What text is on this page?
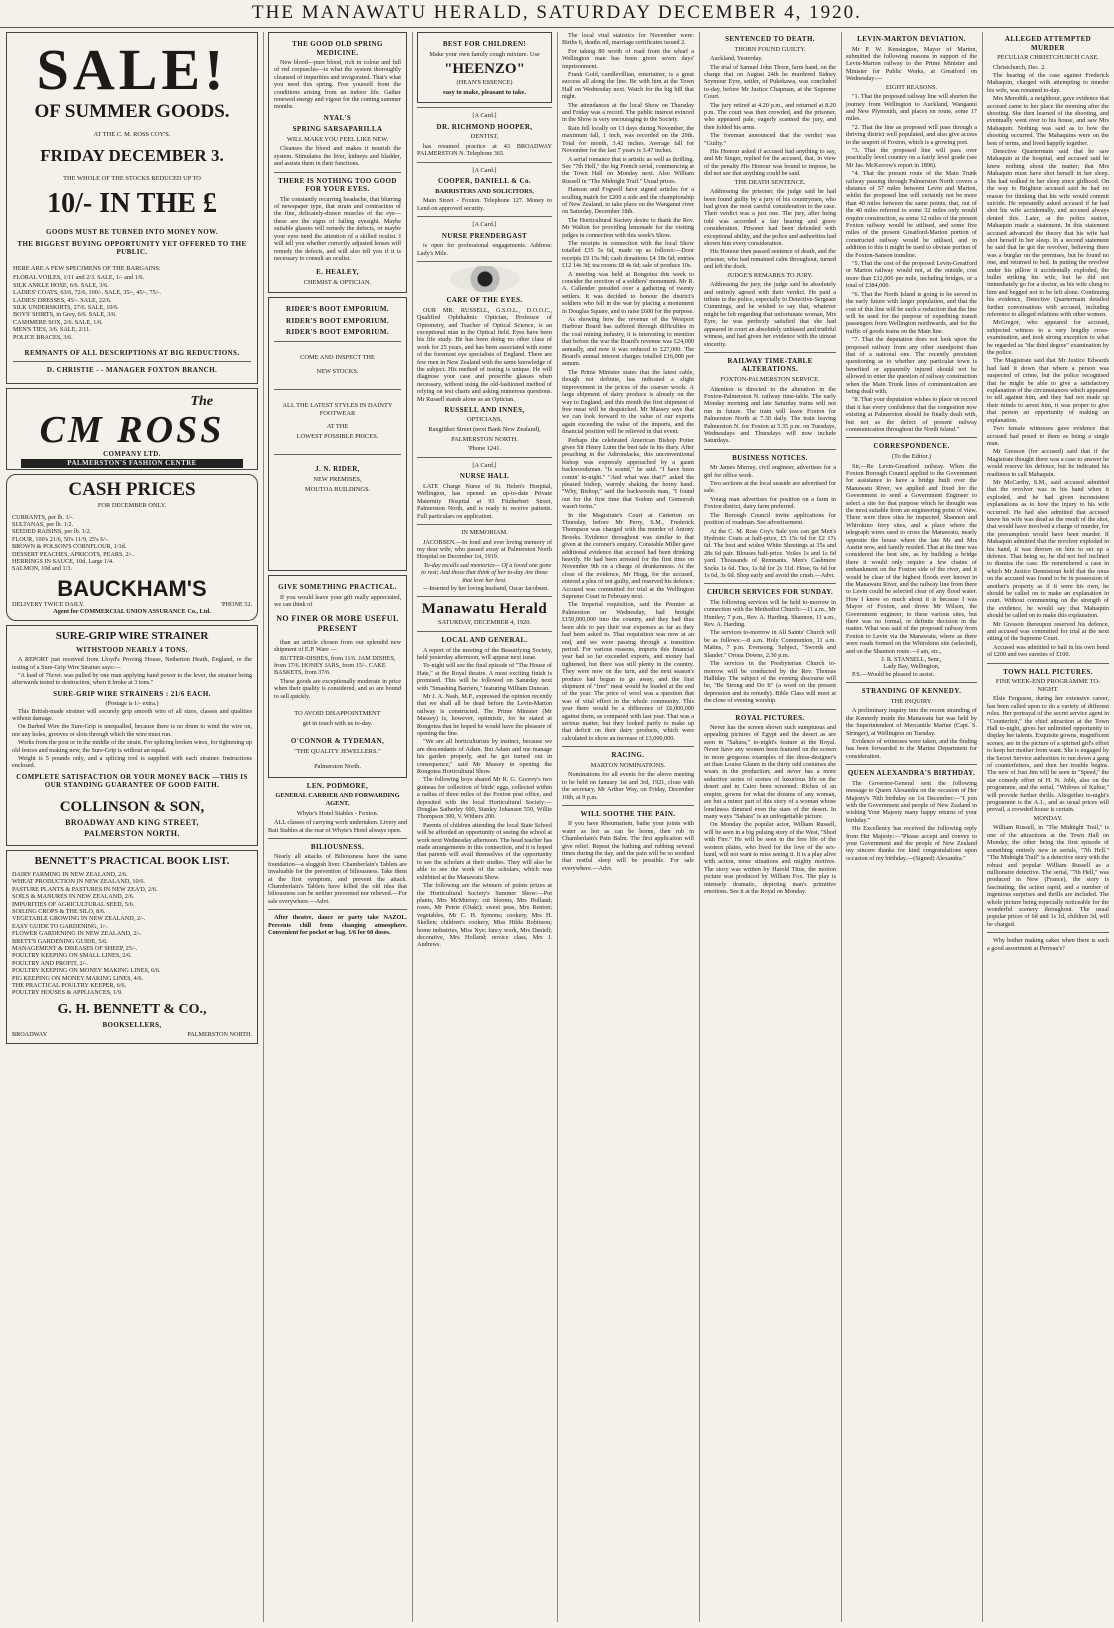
THE MANAWATU HERALD, SATURDAY DECEMBER 4, 1920.
SALE!
OF SUMMER GOODS.
AT THE C. M. ROSS COY'S.
FRIDAY DECEMBER 3.
THE WHOLE OF THE STOCKS REDUCED UP TO
10/- IN THE £
GOODS MUST BE TURNED INTO MONEY NOW.
THE BIGGEST BUYING OPPORTUNITY YET OFFERED TO THE PUBLIC.
HERE ARE A FEW SPECIMENS OF THE BARGAINS:
FLORAL VOILES, 1/11 and 2/3. SALE, 1/- and 1/6.
SILK ANKLE HOSE, 6/6. SALE, 3/6.
LADIES' COATS, 63/6, 72/6, 100/-. SALE, 35/-, 45/-, 75/-.
LADIES' DRESSES, 45/-. SALE, 22/6.
SILK UNDERSKIRTS, 27/6. SALE, 10/6.
BOYS' SHIRTS, in Grey, 6/6. SALE, 3/6.
CASHMERE SOX, 2/6. SALE, 1/6.
MEN'S TIES, 3/6. SALE, 2/11.
POLICE BRACES, 3/6.
REMNANTS OF ALL DESCRIPTIONS AT BIG REDUCTIONS.
D. CHRISTIE - - MANAGER FOXTON BRANCH.
The
CM ROSS
COMPANY LTD.
PALMERSTON'S FASHION CENTRE
CASH PRICES
FOR DECEMBER ONLY.
CURRANTS, per lb. 1/-.
SULTANAS, per lb. 1/2.
SEEDED RAISINS, per lb. 1/2.
FLOUR, 100's 21/6, 50's 11/9, 25's 6/-.
BROWN & POLSON'S CORNFLOUR, 1/1d.
DESSERT PEACHES, APRICOTS, PEARS, 2/-.
HERRINGS IN SAUCE, 10d. Large 1/4.
SALMON, 10d and 1/3.
BAUCKHAM'S
DELIVERY TWICE DAILY.	'PHONE 52.
Agent for COMMERCIAL UNION ASSURANCE Co., Ltd.
SURE-GRIP WIRE STRAINER
WITHSTOOD NEARLY 4 TONS.
A REPORT just received from Lloyd's Proving House, Netherton Heath, England, re the testing of a Sure-Grip Wire Strainer says:—
"A load of 76cwt. was pulled by one man applying hand power to the lever, the strainer being afterwards tested to destruction, when it broke at 3 tons."
SURE-GRIP WIRE STRAINERS : 21/6 EACH.
(Postage is 1/- extra.)
This British-made strainer will securely grip smooth wire of all sizes, classes and qualities without damage.
On Barbed Wire the Sure-Grip is unequalled, because there is no drum to wind the wire on, nor any holes, grooves or slots through which the wire must run.
Works from the post or in the middle of the strain. For splicing broken wires, for tightening up old fences and making new, the Sure-Grip is without an equal.
Weight is 5 pounds only, and a splicing tool is supplied with each strainer. Instructions enclosed.
COMPLETE SATISFACTION OR YOUR MONEY BACK —THIS IS OUR STANDING GUARANTEE OF GOOD FAITH.
COLLINSON & SON,
BROADWAY AND KING STREET,
PALMERSTON NORTH.
BENNETT'S PRACTICAL BOOK LIST.
DAIRY FARMING IN NEW ZEALAND, 2/6.
WHEAT PRODUCTION IN NEW ZEALAND, 10/6.
PASTURE PLANTS & PASTURES IN NEW ZEA'D, 2/6.
SOILS & MANURES IN NEW ZEALAND, 2/6.
IMPURITIES OF AGRICULTURAL SEED, 5/6.
SOILING CROPS & THE SILO, 8/6.
VEGETABLE GROWING IN NEW ZEALAND, 2/-.
EASY GUIDE TO GARDENING, 1/-.
FLOWER GARDENING IN NEW ZEALAND, 2/-.
BRETT'S GARDENING GUIDE, 5/6.
MANAGEMENT & DISEASES OF SHEEP, 25/-.
POULTRY KEEPING ON SMALL LINES, 2/6.
POULTRY AND PROFIT, 2/-.
POULTRY KEEPING ON MONEY MAKING LINES, 6/6.
PIG KEEPING ON MONEY MAKING LINES, 4/6.
THE PRACTICAL POULTRY KEEPER, 6/6.
POULTRY HOUSES & APPLIANCES, 1/9.
G. H. BENNETT & CO.,
BOOKSELLERS,
BROADWAY	PALMERSTON NORTH.
THE GOOD OLD SPRING MEDICINE.
New blood—pure blood, rich in colour and full of red corpuscles—is what the system thoroughly cleansed of impurities and invigorated. That's what you need this spring. Free yourself from the conditions arising from an indoor life. Gather renewed energy and vigour for the coming summer months.
NYAL'S
SPRING SARSAPARILLA
WILL MAKE YOU FEEL LIKE NEW.
Cleanses the blood and makes it nourish the system. Stimulates the liver, kidneys and bladder, and assists them in their functions.
THERE IS NOTHING TOO GOOD FOR YOUR EYES.
The constantly recurring headache, that blurring of newspaper type, that strain and contraction of the fine, delicately-drawn muscles of the eye—these are the signs of failing eyesight. Maybe suitable glasses will remedy the defects, or maybe your eyes need the attention of a skilled oculist. I will tell you whether correctly adjusted lenses will remedy the defects, and will also tell you if it is necessary to consult an oculist.
E. HEALEY,
CHEMIST & OPTICIAN.
RIDER'S BOOT EMPORIUM.
RIDER'S BOOT EMPORIUM.
RIDER'S BOOT EMPORIUM.
COME AND INSPECT THE
NEW STOCKS.
ALL THE LATEST STYLES IN DAINTY FOOTWEAR
AT THE
LOWEST POSSIBLE PRICES.
J. N. RIDER,
NEW PREMISES,
MOUTOA BUILDINGS.
GIVE SOMETHING PRACTICAL.
If you would leave your gift really appreciated, we can think of
NO FINER OR MORE USEFUL PRESENT
than an article chosen from our splendid new shipment of E.P. Ware —
BUTTER-DISHES, from 11/6. JAM DISHES, from 17/6. HONEY JARS, from 15/-. CAKE BASKETS, from 37/6.
These goods are exceptionally moderate in price when their quality is considered, and so are bound to sell quickly.
TO AVOID DISAPPOINTMENT
get in touch with us to-day.
O'CONNOR & TYDEMAN,
"THE QUALITY JEWELLERS."
Palmerston North.
LEN. PODMORE,
GENERAL CARRIER AND FORWARDING AGENT,
Whyte's Hotel Stables - Foxton.
ALL classes of carrying work undertaken. Livery and Bait Stables at the rear of Whyte's Hotel always open.
BILIOUSNESS.
Nearly all attacks of Biliousness have the same foundation—a sluggish liver. Chamberlain's Tablets are invaluable for the prevention of biliousness. Take them at the first symptom, and prevent the attack. Chamberlain's Tablets have killed the old idea that biliousness can be neither prevented nor relieved.—For sale everywhere.—Advt.
After theatre, dance or party take NAZOL. Prevents chill from changing atmosphere. Convenient for pocket or bag. 1/6 for 60 doses.
BEST FOR CHILDREN!
Make your own family cough mixture. Use
"HEENZO"
(HEAN'S ESSENCE)
easy to make, pleasant to take.
[A Card.]
DR. RICHMOND HOOPER,
DENTIST,
has resumed practice at 43 BROADWAY PALMERSTON N. Telephone 365.
[A Card.]
COOPER, DANIELL & Co.
BARRISTERS AND SOLICITORS,
Main Street - Foxton. Telephone 127. Money to Lend on approved security.
[A Card.]
NURSE PRENDERGAST
is open for professional engagements. Address: Lady's Mile.
CARE OF THE EYES.
OUR MR. RUSSELL, G.S.O.L., D.O.O.C., Qualified Ophthalmic Optician, Professor of Optometry, and Teacher of Optical Science, is an exceptional man in the Optical field. Eyes have been his life study. He has been doing no other class of work for 25 years, and has been associated with some of the foremost eye specialists of England. There are few men in New Zealand with the same knowledge of the subject. His method of testing is unique. He will diagnose your case and prescribe glasses when necessary, without using the old-fashioned method of relying on test charts and asking numerous questions. Mr Russell stands alone as an Optician.
RUSSELL AND INNES,
OPTICIANS,
Rangitikei Street (next Bank New Zealand),
PALMERSTON NORTH.
'Phone 1241.
[A Card.]
NURSE HALL
LATE Charge Nurse of St. Helen's Hospital, Wellington, has opened an up-to-date Private Maternity Hospital at 93 Fitzherbert Street, Palmerston North, and is ready to receive patients. Full particulars on application.
IN MEMORIAM.
JACOBSEN.—In fond and ever loving memory of my dear wife, who passed away at Palmerston North Hospital on December 1st, 1919.
To-day recalls sad memories— Of a loved one gone to rest; And those that think of her to-day Are those that love her best.
—Inserted by her loving husband, Oscar Jacobsen.
Manawatu Herald
SATURDAY, DECEMBER 4, 1920.
LOCAL AND GENERAL.
A report of the meeting of the Beautifying Society, held yesterday afternoon, will appear next issue.
To-night will see the final episode of "The House of Hate," at the Royal theatre. A most exciting finish is promised. This will be followed on Saturday next with "Smashing Barriers," featuring William Duncan.
Mr J. A. Nash, M.P., expressed the opinion recently that we shall all be dead before the Levin-Marton railway is constructed. The Prime Minister (Mr Massey) is, however, optimistic, for he stated at Rongotea that he hoped he would have the pleasure of opening the line.
"We are all horticulturists by instinct, because we are descendants of Adam. But Adam and me manage his garden properly, and he got turned out in consequence," said Mr Massey in opening the Rongotea Horticultural Show.
The following boys shared Mr R. G. Goorey's two guineas for collection of birds' eggs, collected within a radius of three miles of the Foxton post office, and deposited with the local Horticultural Society:—Douglas Satherley 600, Stanley Johansen 550, Willie Thompson 300, V. Withers 200.
Parents of children attending the local State School will be afforded an opportunity of seeing the school at work next Wednesday afternoon. The head teacher has made arrangements in this connection, and it is hoped that parents will avail themselves of the opportunity to see the scholars at their studies. They will also be able to see the work of the scholars, which was exhibited at the Manawatu Show.
The following are the winners of points prizes at the Horticultural Society's Summer Show:—Pot plants, Mrs McMurray; cut blooms, Mrs Holland; roses, Mr Petrie (Otaki); sweet peas, Mrs Renton; vegetables, Mr C. H. Symons; cookery, Mrs H. Skellen; children's cookery, Miss Hilda Robinson; home industries, Miss Nye; fancy work, Mrs Daniell; decorative, Mrs Holland; novice class, Mrs J. Andrews.
The local vital statistics for November were: Births 6, deaths nil, marriage certificates issued 2.
For taking 80 worth of road from the wharf a Wellington man has been given seven days' imprisonment.
Frank Gold, candlevillian, entertainer, is a great success all along the line. Be with him at the Town Hall on Wednesday next. Watch for the big bill that night.
The attendances at the local Show on Thursday and Friday was a record. The public interest evinced in the Show is very encouraging to the Society.
Rain fell locally on 13 days during November, the maximum fall, 1 inch, was recorded on the 20th. Total for month, 3.42 inches. Average fall for November for the last 7 years is 3.47 inches.
A serial romance that is artistic as well as thrilling. See "7th Hell," the big French serial, commencing at the Town Hall on Monday next. Also William Russell in "The Midnight Trail." Usual prices.
Hanson and Fogwell have signed articles for a sculling match for £200 a side and the championship of New Zealand, to take place on the Wanganui river on Saturday, December 18th.
The Horticultural Society desire to thank the Rev. Mr Walton for providing lemonade for the visiting judges in connection with this week's Show.
The receipts in connection with the local Show totalled £35 3s 6d, made up as follows:—Door receipts £9 15s 9d; cash donations £4 18s 6d; entries £12 14s 3d; tea rooms £8 4s 6d; sale of produce 10s.
A meeting was held at Rongotea this week to consider the erection of a soldiers' monument. Mr R. A. Callender presided over a gathering of twenty settlers. It was decided to honour the district's soldiers who fell in the war by placing a monument in Douglas Square, and to raise £600 for the purpose.
As showing how the revenue of the Westport Harbour Board has suffered through difficulties in the coal mining industry, it is interesting to mention that before the war the Board's revenue was £24,000 annually, and now it was reduced to £27,000. The Board's annual interest charges totalled £16,000 per annum.
The Prime Minister states that the latest cable, though not definite, has indicated a slight improvement in the prices of the coarser wools. A large shipment of dairy produce is already on the way to England, and this month the first shipment of free meat will be despatched. Mr Massey says that we can look forward to the value of our exports again exceeding the value of the imports, and the financial position will be relieved in that event.
Perhaps the celebrated American Bishop Potter gives Sir Henry Lunn the best tale in his diary. After preaching in the Adirondacks, this unconventional bishop was expressly approached by a gaunt backwoodsman. "Is sound," he said. "I have been comin' to-night." "And what was that?" asked the pleased bishop, warmly shaking the horny hand. "Why, Bishop," said the backwoods man, "I found out for the first time that Sodom and Gomorrah wasn't twins."
In the Magistrate's Court at Carterton on Thursday, before Mr Perry, S.M., Frederick Thompson was charged with the murder of Antony Brooks. Evidence throughout was similar to that given at the coroner's enquiry. Constable Miller gave additional evidence that accused had been drinking heavily. He had been arrested for the first time on November 9th on a charge of drunkenness. At the close of the evidence, Mr Hogg, for the accused, entered a plea of not guilty, and reserved his defence. Accused was committed for trial at the Wellington Supreme Court in February next.
The Imperial requisition, said the Premier at Palmerston on Wednesday, had brought £150,000,000 into the country, and they had thus been able to pay their war expenses as far as they had been asked to. That requisition was now at an end, and we were passing through a transition period. For various reasons, imports this financial year had so far exceeded exports, and money had tightened, but there was still plenty in the country. They were now on the turn, and the next season's produce had begun to go away, and the first shipment of "free" meat would be loaded at the end of the year. The price of wool was a question that was of vital effect in the whole community. This year there would be a difference of £6,000,000 against them, as compared with last year. That was a serious matter, but they looked partly to make up that deficit on their dairy products, which were calculated to show an increase of £3,000,000.
RACING.
MARTON NOMINATIONS.
Nominations for all events for the above meeting to be held on January 1st and 3rd, 1921, close with the secretary, Mr Arthur Way, on Friday, December 10th, at 9 p.m.
WILL SOOTHE THE PAIN.
If you have Rheumatism, bathe your joints with water as hot as can be borne, then rub in Chamberlain's Pain Balm. The first application will give relief. Repeat the bathing and rubbing several times during the day, and the pain will be so soothed that restful sleep will be possible. For sale everywhere.—Advt.
SENTENCED TO DEATH.
THORN FOUND GUILTY.
Auckland, Yesterday.
The trial of Samuel John Thorn, farm hand, on the charge that on August 24th he murdered Sidney Seymour Eyre, settler, of Pukekawa, was concluded to-day, before Mr Justice Chapman, at the Supreme Court.
The jury retired at 4.20 p.m., and returned at 8.20 p.m. The court was then crowded, and the prisoner, who appeared pale, eagerly scanned the jury, and then folded his arms.
The foreman announced that the verdict was "Guilty."
His Honour asked if accused had anything to say, and Mr Singer, replied for the accused, that, in view of the penalty His Honour was bound to impose, he did not see that anything could be said.
THE DEATH SENTENCE.
Addressing the prisoner, the judge said he had been found guilty by a jury of his countrymen, who had given the most careful consideration to the case. Their verdict was a just one. The jury, after being told was accorded a fair hearing and grave consideration. Prisoner had been defended with exceptional ability, and the police and authorities had shown him every consideration.
His Honour then passed sentence of death, and the prisoner, who had remained calm throughout, turned and left the dock.
JUDGE'S REMARKS TO JURY.
Addressing the jury, the judge said he absolutely and entirely agreed with their verdict. He paid a tribute to the police, especially to Detective-Sergeant Cummings, and he wished to say that, whatever might be felt regarding that unfortunate woman, Mrs Eyre, he was perfectly satisfied that she had appeared in court an absolutely unbiased and truthful witness, and had given her evidence with the utmost sincerity.
RAILWAY TIME-TABLE ALTERATIONS.
FOXTON-PALMERSTON SERVICE.
Attention is directed to the alteration in the Foxton-Palmerston N. railway time-table. The early Monday morning and late Saturday trains will not run in future. The train will leave Foxton for Palmerston North at 7.30 daily. The train leaving Palmerston N. for Foxton at 5.35 p.m. on Tuesdays, Wednesdays and Thursdays will now include Saturdays.
BUSINESS NOTICES.
Mr James Murray, civil engineer, advertises for a girl for office work.
Two sections at the local seaside are advertised for sale.
Young man advertises for position on a farm in Foxton district, dairy farm preferred.
The Borough Council invite applications for position of roadman. See advertisement.
At the C. M. Ross Coy's Sale you can get Men's Hydrotic Coats at half-price, £5 15s 6d for £2 17s 6d. The best and widest White Sheetings at 35s and 28s 6d pair. Blouses half-price. Voiles 1s and 1s 6d yard. Thousands of Remnants. Men's Cashmere Socks 1s 6d. Ties, 1s 6d for 2s 11d. Hose, 6s 6d for 1s 6d, 3s 6d. Shop early and avoid the crush.—Advt.
CHURCH SERVICES FOR SUNDAY.
The following services will be held to-morrow in connection with the Methodist Church:—11 a.m., Mr Huntley; 7 p.m., Rev. A. Harding. Shannon, 11 a.m., Rev. A. Harding.
The services to-morrow in All Saints' Church will be as follows:—8 a.m. Holy Communion, 11 a.m. Matins, 7 p.m. Evensong. Subject, "Swords and Slander." Oroua Downs, 2.30 p.m.
The services in the Presbyterian Church to-morrow will be conducted by the Rev. Thomas Halliday. The subject of the evening discourse will be, "Be Strong and Do It" (a word on the present depression and its remedy). Bible Class will meet at the close of evening worship.
ROYAL PICTURES.
Never has the screen shown such sumptuous and appealing pictures of Egypt and the desert as are seen in "Sahara," to-night's feature at the Royal. Never have any women been featured on the screen in more gorgeous examples of the dress-designer's art than Louise Glaum in the thirty odd costumes she wears in the production; and never has a more seductive series of scenes of luxurious life on the desert and in Cairo been screened. Riches of an empire, gowns for what the dreams of any woman, are but a minor part of this story of a woman whose loneliness dimmed even the stars of the desert. In many ways "Sahara" is an unforgettable picture.
On Monday the popular actor, William Russell, will be seen in a big pulsing story of the West, "Shod with Fire." He will be seen in the free life of the western plains, who lived for the love of the sex-hand, will not want to miss seeing it. It is a play alive with action, tense situations and mighty motives. The story was written by Harold Titus, the motion picture was produced by William Fox. The play is intensely dramatic, depicting man's primitive emotions. See it at the Royal on Monday.
LEVIN-MARTON DEVIATION.
Mr P. W. Kensington, Mayor of Marton, submitted the following reasons in support of the Levin-Marton railway to the Prime Minister and Minister for Public Works, at Greatford on Wednesday:—
EIGHT REASONS.
"1. That the proposed railway line will shorten the journey from Wellington to Auckland, Wanganui and New Plymouth, and places en route, some 17 miles.
"2. That the line as proposed will pass through a thriving district well populated, and also give access to the seaport of Foxton, which is a growing port.
"3. That the proposed line will pass over practically level country on a fairly level grade (see Mr Jas. McKerrow's report in 1896).
"4. That the present route of the Main Trunk railway passing through Palmerston North covers a distance of 57 miles between Levin and Marton, whilst the proposed line will certainly not be more than 40 miles between the same points; that, out of the 40 miles referred to some 32 miles only would require construction, as some 12 miles of the present Foxton railway would be utilised, and some five miles of the present Greatford-Marton portion of constructed railway would be utilised, and in addition to this it might be used to obviate portion of the Foxton-Sanson tramline.
"5. That the cost of the proposed Levin-Greatford or Marton railway would not, at the outside, cost more than £12,000 per mile, including bridges, or a total of £384,000.
"6. That the North Island is going to be served in the early future with larger population, and that the cost of this line will be such a reduction that the line will be used for the purpose of expediting transit passengers from Wellington northwards, and for the traffic of goods trains on the Main line.
"7. That the deputation does not look upon the proposed railway from any other standpoint than that of a national one. The recently persistent questioning as to whether any particular town is benefited or apparently injured should not be allowed to enter the question of railway construction when the Main Trunk lines of communication are being dealt with.
"8. That your deputation wishes to place on record that it has every confidence that the congestion now existing at Palmerston should be finally dealt with, but not as the defect of present railway communication throughout the North Island."
CORRESPONDENCE.
(To the Editor.)
Sir,—Re Levin-Greatford railway. When the Foxton Borough Council applied to the Government for assistance to have a bridge built over the Manawatu River, we applied and fixed for the Government to send a Government Engineer to select a site for that purpose which he thought was the most suitable from an engineering point of view. There were three sites he inspected, Shannon and Whirokino ferry sites, and a place where the telegraph wires used to cross the Manawatu, nearly opposite the house where the late Mr and Mrs Austin now, and family resided. That at the time was considered the best site, as by building a bridge there it would only require a few chains of embankment on the Foxton side of the river, and it would be clear of the highest floods ever known in the Manawatu River, and the railway line from there to Levin could be selected clear of any flood water. How I know so much about it is because I was Mayor of Foxton, and drove Mr Wilson, the Government engineer, to these various sites, but there was no formal, or definite decision in the matter. What was said of the proposed railway from Foxton to Levin via the Manawatu, where as there were roads formed on the Whirokino site (selected), and on the Shannon route.—I am, etc.,
J. R. STANSELL, Senr.,
Lady Bay, Wellington,
P.S.—Would be pleased to assist.
STRANDING OF KENNEDY.
THE INQUIRY.
A preliminary inquiry into the recent stranding of the Kennedy inside the Manawatu bar was held by the Superintendent of Mercantile Marine (Capt. S. Stringer), at Wellington on Tuesday.
Evidence of witnesses were taken, and the finding has been forwarded to the Marine Department for consideration.
QUEEN ALEXANDRA'S BIRTHDAY.
The Governor-General sent the following message to Queen Alexandra on the occasion of Her Majesty's 76th birthday on 1st December:—"I join with the Government and people of New Zealand in wishing Your Majesty many happy returns of your birthday."
His Excellency has received the following reply from Her Majesty:—"Please accept and convey to your Government and the people of New Zealand my sincere thanks for kind congratulations upon occasion of my birthday.—(Signed) Alexandra."
ALLEGED ATTEMPTED MURDER
PECULIAR CHRISTCHURCH CASE.
Christchurch, Dec. 2.
The hearing of the case against Frederick Mahaquin, charged with attempting to murder his wife, was resumed to-day.
Mrs Meredith, a neighbour, gave evidence that accused came to her place the morning after the shooting. She then learned of the shooting, and eventually went over to his house, and saw Mrs Mahaquin. Nothing was said as to how the shooting occurred. The Mahaquins were on the best of terms, and lived happily together.
Detective Quartermain said that he saw Mahaquin at the hospital, and accused said he knew nothing about the matter; that Mrs Mahaquin must have shot herself in her sleep. She had walked in her sleep since girlhood. On the way to Brighton accused said he had no reason for thinking that his wife would commit suicide. He repeatedly asked accused if he had shot his wife accidentally, and accused always denied this. Later, at the police station, Mahaquin made a statement. In this statement accused advanced the theory that his wife had shot herself in her sleep. In a second statement he said that he got the revolver, believing there was a burglar on the premises, but he found no one, and returned to bed. In putting the revolver under his pillow it accidentally exploded, the bullet striking his wife, but he did not immediately go for a doctor, as his wife clung to him and begged not to be left alone. Continuing his evidence, Detective Quartermain detailed further conversations with accused, including reference to alleged relations with other women.
McGregor, who appeared for accused, subjected witness to a very lengthy cross-examination, and took strong exception to what he regarded as "the third degree" examination by the police.
The Magistrate said that Mr Justice Edwards had laid it down that where a person was suspected of crime, but the police recognised that he might be able to give a satisfactory explanation of the circumstances which appeared to tell against him, and they had not made up their minds to arrest him, it was proper to give that person an opportunity of making an explanation.
Two female witnesses gave evidence that accused had posed to them as being a single man.
Mr Gresson (for accused) said that if the Magistrate thought there was a case to answer he would reserve his defence, but he indicated his readiness to call Mahaquin.
Mr McCarthy, S.M., said accused admitted that the revolver was in his hand when it exploded, and he had given inconsistent explanations as to how the injury to his wife occurred. He had also admitted that accused knew his wife was dead as the result of the shot, that would have involved a charge of murder, for the presumption would have been murder. If Mahaquin admitted that the revolver exploded in his hand, it was thrown on him to set up a defence. That being so, he did not feel inclined to dismiss the case. He remembered a case in which Mr Justice Dennistoun held that the onus on the accused was found to be in possession of another's property as if it were his own, he should be called on to make an explanation in court. Without commenting on the strength of the evidence, he would say that Mahaquin should be called on to make this explanation.
Mr Gresson thereupon reserved his defence, and accused was committed for trial at the next sitting of the Supreme Court.
Accused was admitted to bail in his own bond of £200 and two sureties of £100.
TOWN HALL PICTURES.
FINE WEEK-END PROGRAMME TO-NIGHT.
Elsie Ferguson, during her extensive career, has been called upon to do a variety of different roles. Her portrayal of the secret service agent in "Counterfeit," the chief attraction at the Town Hall to-night, gives her unlimited opportunity to display her talents. Exquisite gowns, magnificent scenes, are in the picture of a spirited girl's effort to keep her mother from want. She is engaged by the Secret Service authorities to run down a gang of counterfeiters, and then her trouble begins. The new of Just Jim will be seen in "Speed," the star comedy effort of H. N. Jobb, also on the programme, and the serial, "Widows of Kultur," will provide further thrills. Altogether to-night's programme is the A.1., and as usual prices will prevail, a crowded house is certain.
MONDAY.
William Russell, in "The Midnight Trail," is one of the attractions at the Town Hall on Monday, the other being the first episode of something entirely new in serials, "7th Hell." "The Midnight Trail" is a detective story with the robust and popular William Russell as a millionaire detective. The serial, "7th Hell," was produced in New (France), the story is fascinating, the action rapid, and a number of ingenious surprises and thrills are included. The whole picture being especially noticeable for the wonderful scenery throughout. The usual popular prices of 6d and 1s 1d, children 3d, will be charged.
Why bother making cakes when there is such a good assortment at Perreau's?
